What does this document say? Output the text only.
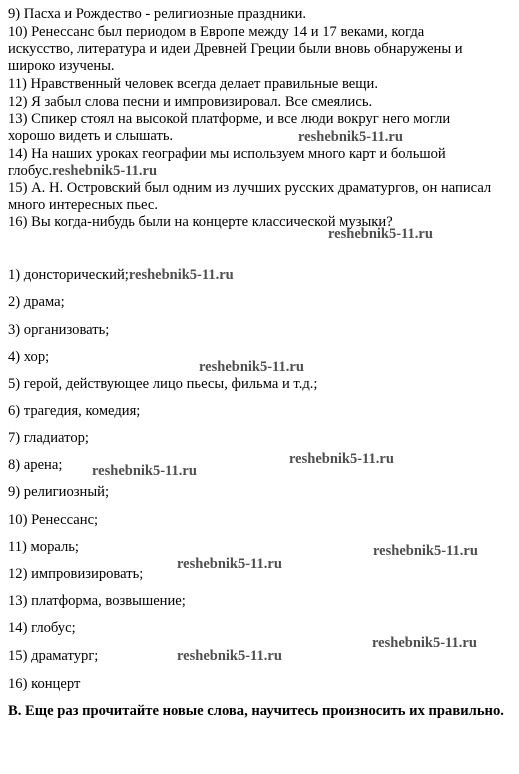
9) Пасха и Рождество - религиозные праздники.

10) Ренессанс был периодом в Европе между 14 и 17 веками, когда

искусство, литература и идеи Древней Греции были вновь обнаружены и

широко изучены.

11) Нравственный человек всегда делает правильные вещи.

12) Я забыл слова песни и импровизировал. Все смеялись.

13) Спикер стоял на высокой платформе, и все люди вокруг него могли

хорошо видеть и слышать.

14) На наших уроках географии мы используем много карт и большой

глобус.reshebnik5-11.ru

15) А. Н. Островский был одним из лучших русских драматургов, он написал

много интересных пьес.

16) Вы когда-нибудь были на концерте классической музыки?

1) донсторический;reshebnik5-11.ru

2) драма;

3) организовать;

4) хор;

5) герой, действующее лицо пьесы, фильма и т.д.;

6) трагедия, комедия;

7) гладиатор;

8) арена;

9) религиозный;

10) Ренессанс;

11) мораль;

12) импровизировать;

13) платформа, возвышение;

14) глобус;

15) драматург;

16) концерт

В. Еще раз прочитайте новые слова, научитесь произносить их правильно.

reshebnik5-11.ru
reshebnik5-11.ru
reshebnik5-11.ru
reshebnik5-11.ru
reshebnik5-11.ru
reshebnik5-11.ru
reshebnik5-11.ru
reshebnik5-11.ru
reshebnik5-11.ru
